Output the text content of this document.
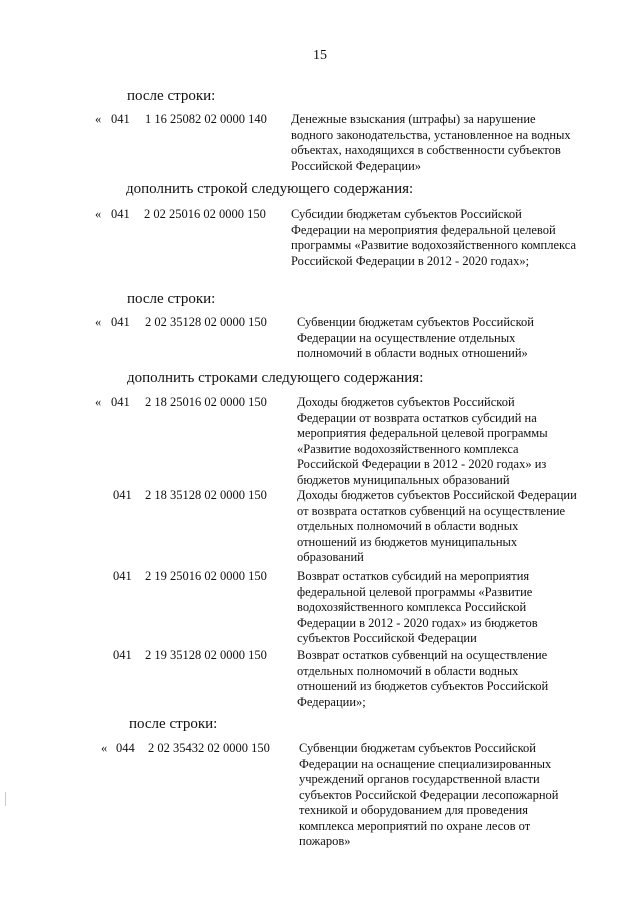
15
после строки:
« 041 1 16 25082 02 0000 140 Денежные взыскания (штрафы) за нарушение водного законодательства, установленное на водных объектах, находящихся в собственности субъектов Российской Федерации»
дополнить строкой следующего содержания:
« 041 2 02 25016 02 0000 150 Субсидии бюджетам субъектов Российской Федерации на мероприятия федеральной целевой программы «Развитие водохозяйственного комплекса Российской Федерации в 2012 - 2020 годах»;
после строки:
« 041 2 02 35128 02 0000 150 Субвенции бюджетам субъектов Российской Федерации на осуществление отдельных полномочий в области водных отношений»
дополнить строками следующего содержания:
« 041 2 18 25016 02 0000 150 Доходы бюджетов субъектов Российской Федерации от возврата остатков субсидий на мероприятия федеральной целевой программы «Развитие водохозяйственного комплекса Российской Федерации в 2012 - 2020 годах» из бюджетов муниципальных образований
041 2 18 35128 02 0000 150 Доходы бюджетов субъектов Российской Федерации от возврата остатков субвенций на осуществление отдельных полномочий в области водных отношений из бюджетов муниципальных образований
041 2 19 25016 02 0000 150 Возврат остатков субсидий на мероприятия федеральной целевой программы «Развитие водохозяйственного комплекса Российской Федерации в 2012 - 2020 годах» из бюджетов субъектов Российской Федерации
041 2 19 35128 02 0000 150 Возврат остатков субвенций на осуществление отдельных полномочий в области водных отношений из бюджетов субъектов Российской Федерации»;
после строки:
« 044 2 02 35432 02 0000 150 Субвенции бюджетам субъектов Российской Федерации на оснащение специализированных учреждений органов государственной власти субъектов Российской Федерации лесопожарной техникой и оборудованием для проведения комплекса мероприятий по охране лесов от пожаров»
